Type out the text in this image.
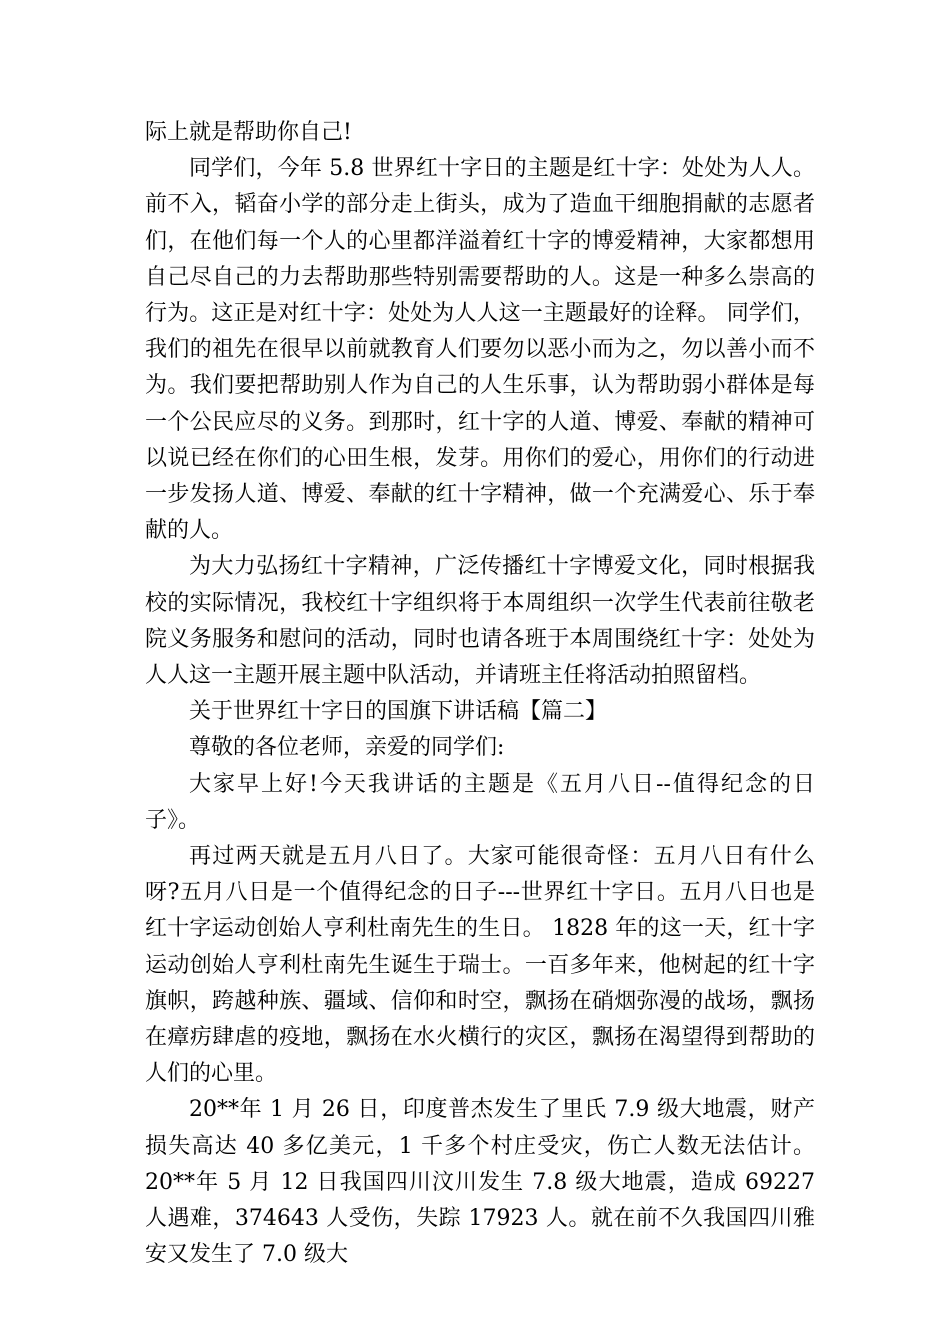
际上就是帮助你自己!

同学们，今年 5.8 世界红十字日的主题是红十字：处处为人人。前不入，韬奋小学的部分走上街头，成为了造血干细胞捐献的志愿者们，在他们每一个人的心里都洋溢着红十字的博爱精神，大家都想用自己尽自己的力去帮助那些特别需要帮助的人。这是一种多么崇高的行为。这正是对红十字：处处为人人这一主题最好的诠释。 同学们，我们的祖先在很早以前就教育人们要勿以恶小而为之，勿以善小而不为。我们要把帮助别人作为自己的人生乐事，认为帮助弱小群体是每一个公民应尽的义务。到那时，红十字的人道、博爱、奉献的精神可以说已经在你们的心田生根，发芽。用你们的爱心，用你们的行动进一步发扬人道、博爱、奉献的红十字精神，做一个充满爱心、乐于奉献的人。

为大力弘扬红十字精神，广泛传播红十字博爱文化，同时根据我校的实际情况，我校红十字组织将于本周组织一次学生代表前往敬老院义务服务和慰问的活动，同时也请各班于本周围绕红十字：处处为人人这一主题开展主题中队活动，并请班主任将活动拍照留档。

关于世界红十字日的国旗下讲话稿【篇二】

尊敬的各位老师，亲爱的同学们:

大家早上好!今天我讲话的主题是《五月八日--值得纪念的日子》。

再过两天就是五月八日了。大家可能很奇怪：五月八日有什么呀?五月八日是一个值得纪念的日子---世界红十字日。五月八日也是红十字运动创始人亨利杜南先生的生日。 1828 年的这一天，红十字运动创始人亨利杜南先生诞生于瑞士。一百多年来，他树起的红十字旗帜，跨越种族、疆域、信仰和时空，飘扬在硝烟弥漫的战场，飘扬在瘴疠肆虐的疫地，飘扬在水火横行的灾区，飘扬在渴望得到帮助的人们的心里。

20**年 1 月 26 日，印度普杰发生了里氏 7.9 级大地震，财产损失高达 40 多亿美元，1 千多个村庄受灾，伤亡人数无法估计。20**年 5 月 12 日我国四川汶川发生 7.8 级大地震，造成 69227 人遇难，374643 人受伤，失踪 17923 人。就在前不久我国四川雅安又发生了 7.0 级大
